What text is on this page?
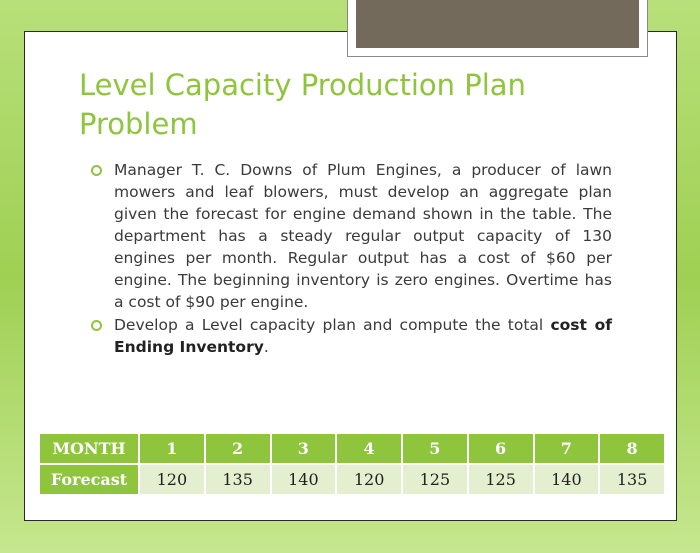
Level Capacity Production Plan Problem
Manager T. C. Downs of Plum Engines, a producer of lawn mowers and leaf blowers, must develop an aggregate plan given the forecast for engine demand shown in the table. The department has a steady regular output capacity of 130 engines per month. Regular output has a cost of $60 per engine. The beginning inventory is zero engines. Overtime has a cost of $90 per engine.
Develop a Level capacity plan and compute the total cost of Ending Inventory.
MONTH	1	2	3	4	5	6	7	8
Forecast	120	135	140	120	125	125	140	135
